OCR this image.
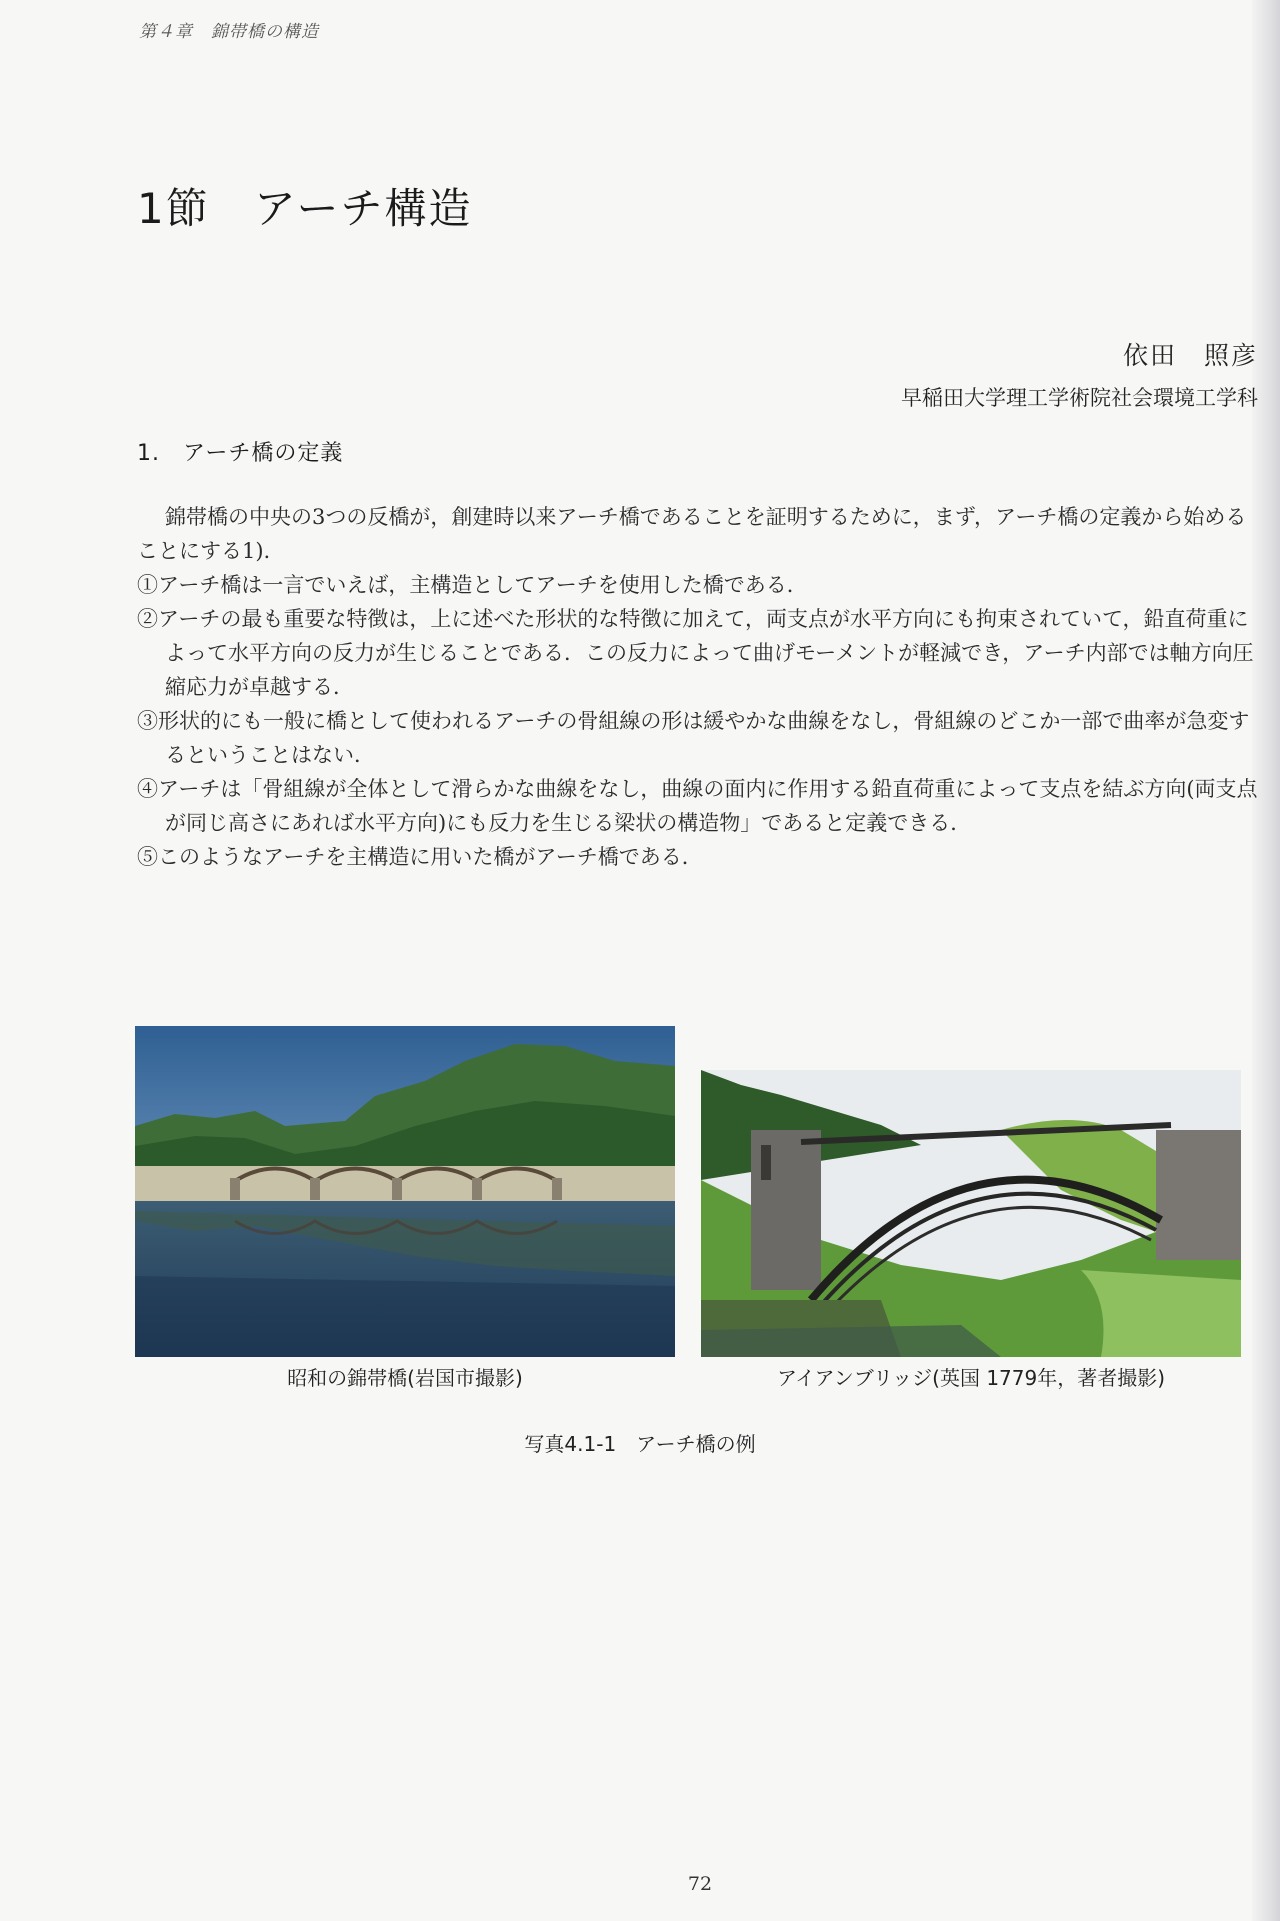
第４章　錦帯橋の構造
1節　アーチ構造
依田　照彦
早稲田大学理工学術院社会環境工学科
1.　アーチ橋の定義

錦帯橋の中央の3つの反橋が，創建時以来アーチ橋であることを証明するために，まず，アーチ橋の定義から始めることにする1).

①アーチ橋は一言でいえば，主構造としてアーチを使用した橋である．

②アーチの最も重要な特徴は，上に述べた形状的な特徴に加えて，両支点が水平方向にも拘束されていて，鉛直荷重によって水平方向の反力が生じることである．この反力によって曲げモーメントが軽減でき，アーチ内部では軸方向圧縮応力が卓越する．

③形状的にも一般に橋として使われるアーチの骨組線の形は緩やかな曲線をなし，骨組線のどこか一部で曲率が急変するということはない．

④アーチは「骨組線が全体として滑らかな曲線をなし，曲線の面内に作用する鉛直荷重によって支点を結ぶ方向(両支点が同じ高さにあれば水平方向)にも反力を生じる梁状の構造物」であると定義できる．

⑤このようなアーチを主構造に用いた橋がアーチ橋である．

昭和の錦帯橋(岩国市撮影)	アイアンブリッジ(英国 1779年，著者撮影)
写真4.1-1　アーチ橋の例
72
